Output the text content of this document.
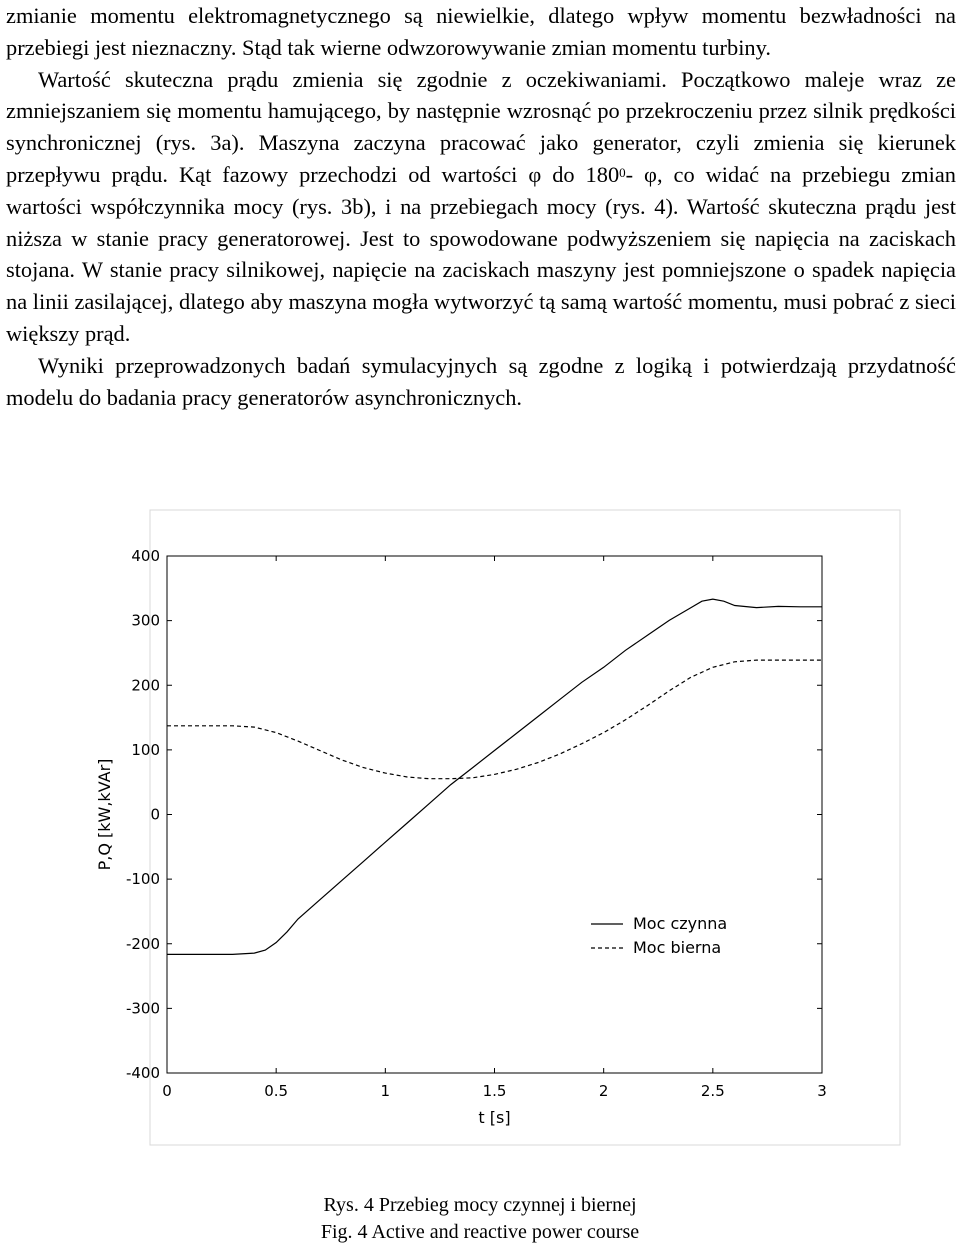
zmianie momentu elektromagnetycznego są niewielkie, dlatego wpływ momentu bezwładności na przebiegi jest nieznaczny. Stąd tak wierne odwzorowywanie zmian momentu turbiny.

Wartość skuteczna prądu zmienia się zgodnie z oczekiwaniami. Początkowo maleje wraz ze zmniejszaniem się momentu hamującego, by następnie wzrosnąć po przekroczeniu przez silnik prędkości synchronicznej (rys. 3a). Maszyna zaczyna pracować jako generator, czyli zmienia się kierunek przepływu prądu. Kąt fazowy przechodzi od wartości φ do $180^0-$ φ, co widać na przebiegu zmian wartości współczynnika mocy (rys. 3b), i na przebiegach mocy (rys. 4). Wartość skuteczna prądu jest niższa w stanie pracy generatorowej. Jest to spowodowane podwyższeniem się napięcia na zaciskach stojana. W stanie pracy silnikowej, napięcie na zaciskach maszyny jest pomniejszone o spadek napięcia na linii zasilającej, dlatego aby maszyna mogła wytworzyć tą samą wartość momentu, musi pobrać z sieci większy prąd.

Wyniki przeprowadzonych badań symulacyjnych są zgodne z logiką i potwierdzają przydatność modelu do badania pracy generatorów asynchronicznych.

400
300
200
100
0
-100
-200
-300
-400
0	0.5	1	1.5	2	2.5	3
t [s]
P,Q [kW,kVAr]
Moc czynna
Moc bierna
Rys. 4 Przebieg mocy czynnej i biernej
Fig. 4 Active and reactive power course
